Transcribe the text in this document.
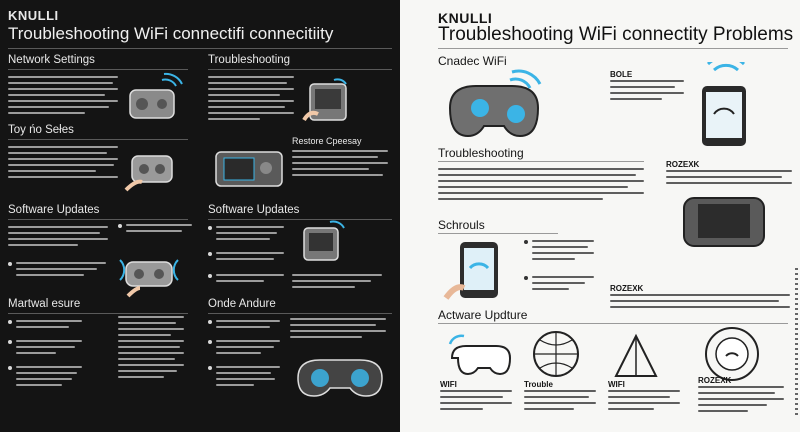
KNULLI
Troubleshooting WiFi connectifi connecitiity
Network Settings	Troubleshooting
Toy ńo Sełes
Restore Cpeesay
Software Updates	Software Updates
Martwal esure	Onde Andure
KNULLI
Troubleshooting WiFi connectity Problems
Cnadec WiFi
BOLE
Troubleshooting
ROZEXK
Schrouls
ROZEXK
Actware Updture
WIFI	Trouble	WIFI	ROZEXK
